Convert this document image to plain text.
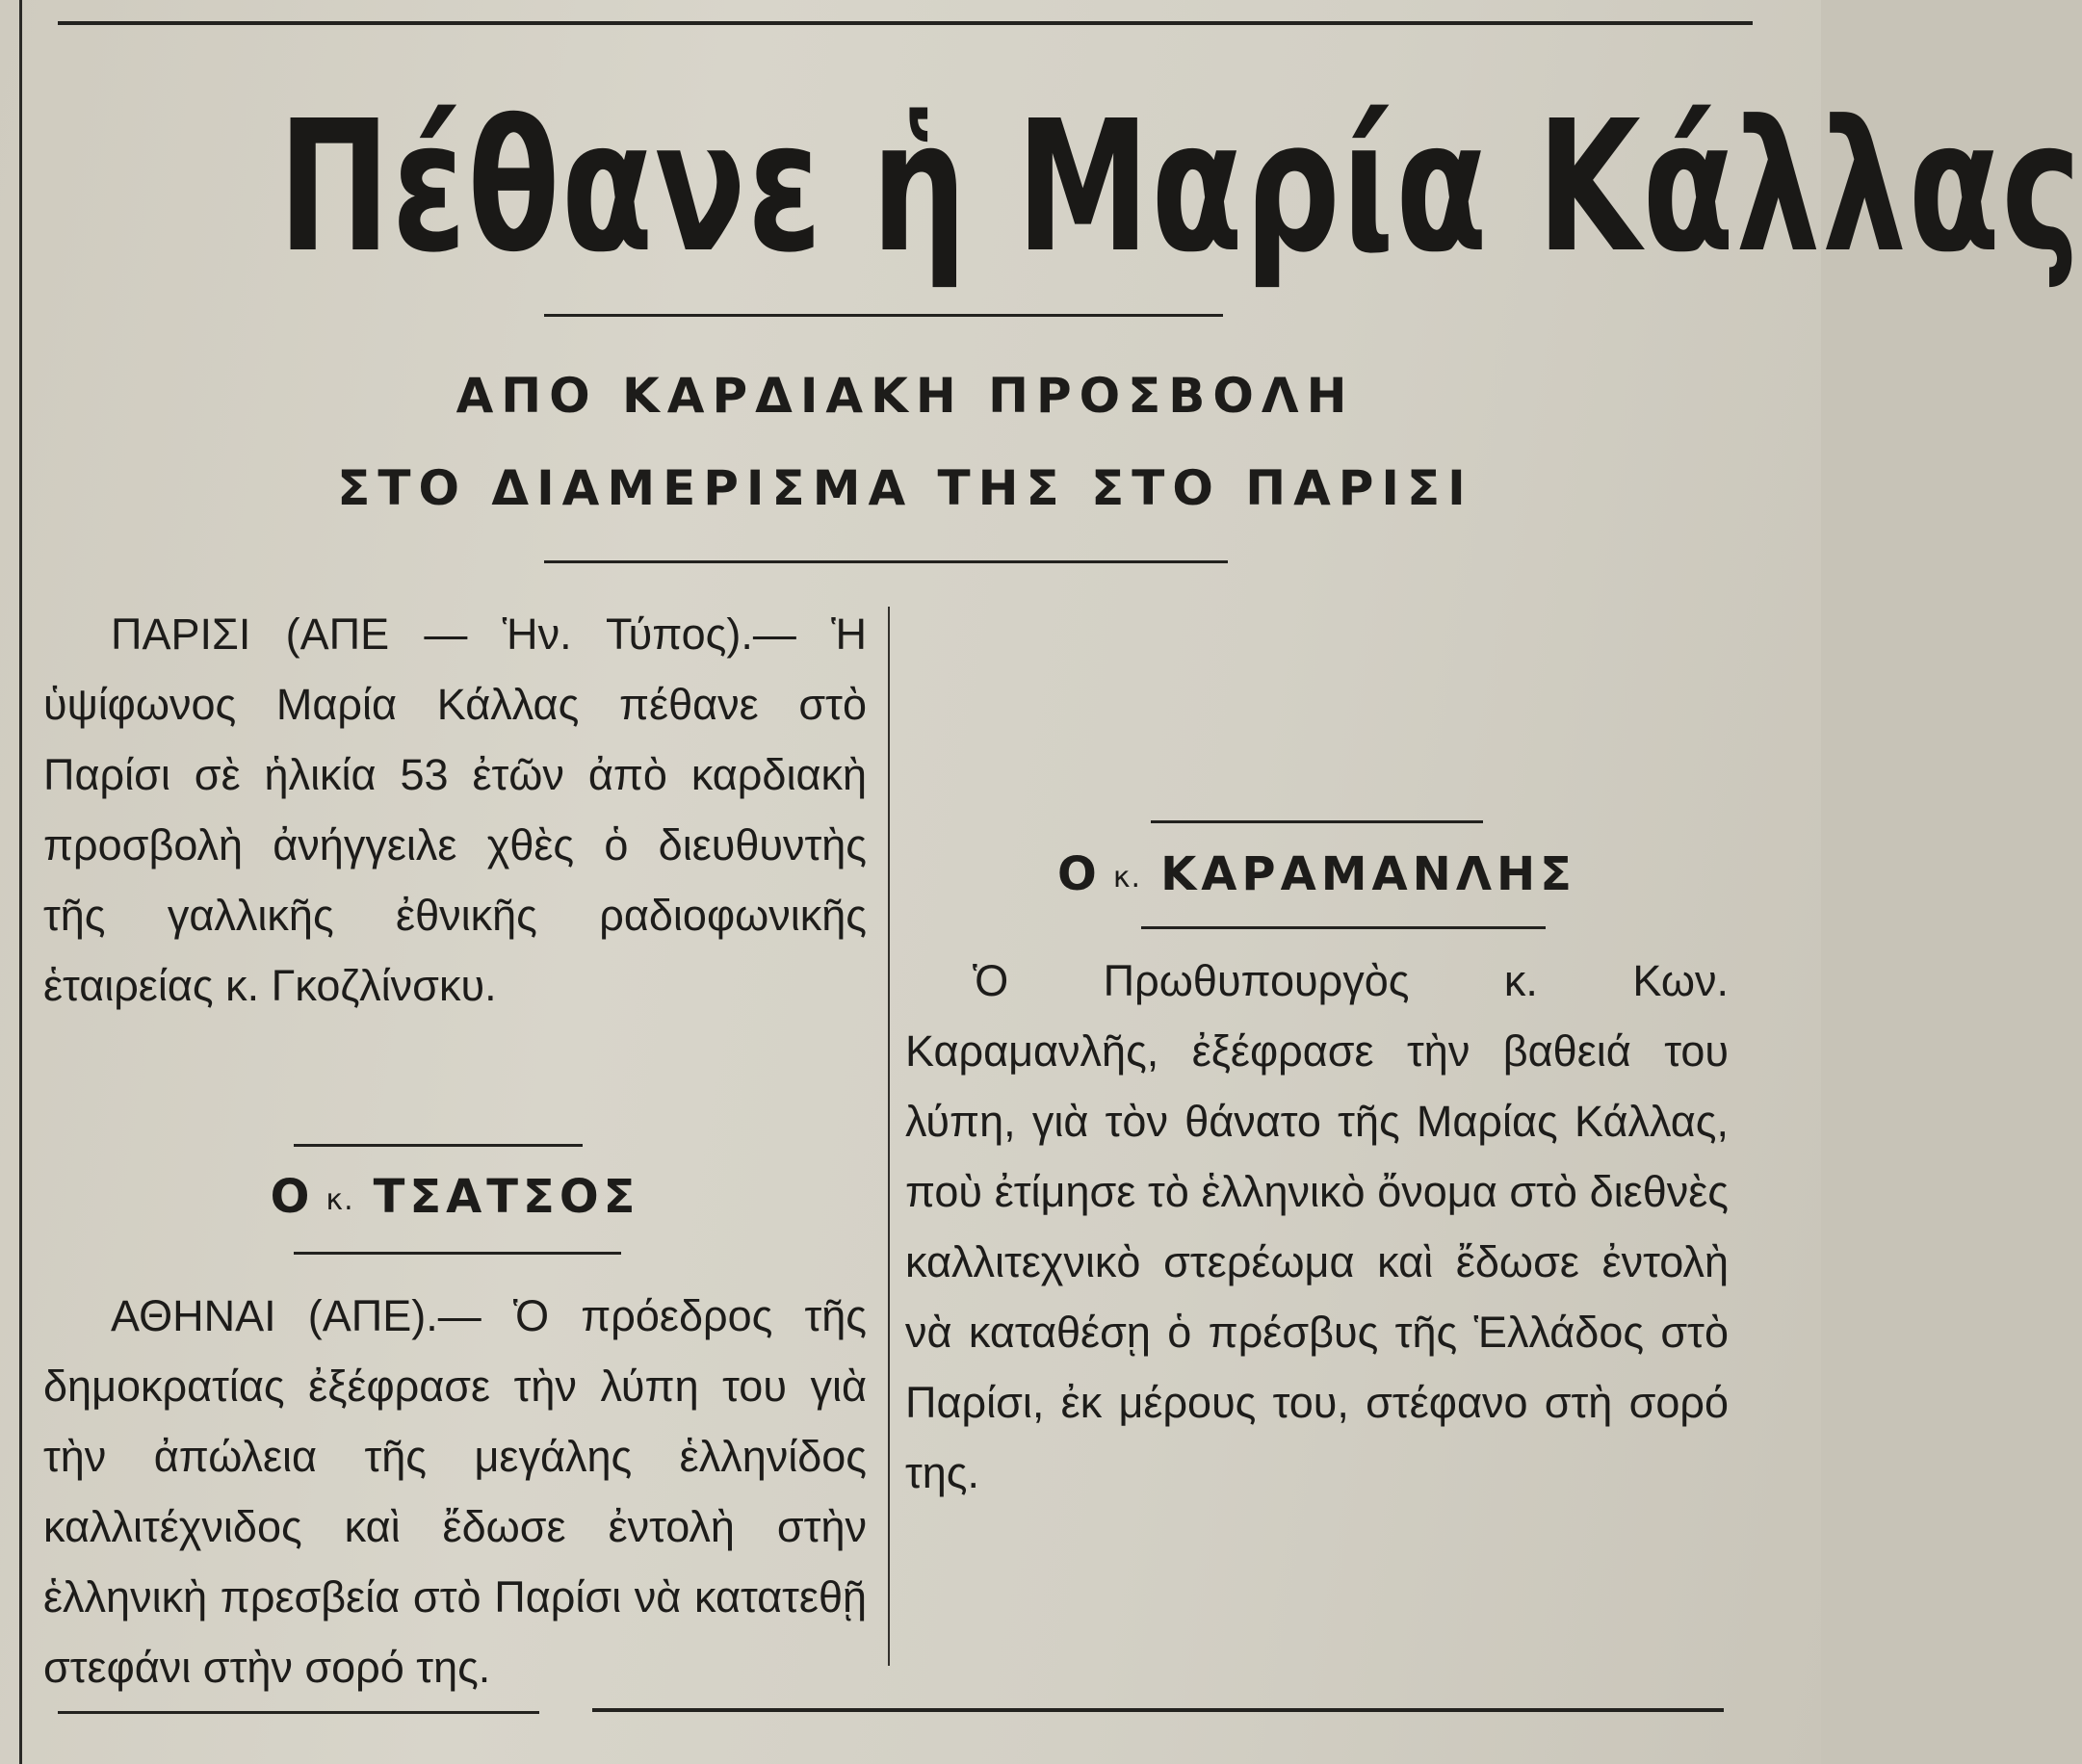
Πέθανε ἡ Μαρία Κάλλας
ΑΠΟ ΚΑΡΔΙΑΚΗ ΠΡΟΣΒΟΛΗ
ΣΤΟ ΔΙΑΜΕΡΙΣΜΑ ΤΗΣ ΣΤΟ ΠΑΡΙΣΙ

ΠΑΡΙΣΙ (ΑΠΕ — Ἡν. Τύπος).— Ἡ ὑψίφωνος Μαρία Κάλλας πέθανε στὸ Παρίσι σὲ ἡλικία 53 ἐτῶν ἀπὸ καρδιακὴ προσβολὴ ἀνήγγειλε χθὲς ὁ διευθυντὴς τῆς γαλλικῆς ἐθνικῆς ραδιοφωνικῆς ἑταιρείας κ. Γκοζλίνσκυ.

Οκ. ΤΣΑΤΣΟΣ

ΑΘΗΝΑΙ (ΑΠΕ).— Ὁ πρόεδρος τῆς δημοκρατίας ἐξέφρασε τὴν λύπη του γιὰ τὴν ἀπώλεια τῆς μεγάλης ἑλληνίδος καλλιτέχνιδος καὶ ἔδωσε ἐντολὴ στὴν ἑλληνικὴ πρεσβεία στὸ Παρίσι νὰ κατατεθῇ στεφάνι στὴν σορό της.

Οκ. ΚΑΡΑΜΑΝΛΗΣ

Ὁ Πρωθυπουργὸς κ. Κων. Καραμανλῆς, ἐξέφρασε τὴν βαθειά του λύπη, γιὰ τὸν θάνατο τῆς Μαρίας Κάλλας, ποὺ ἐτίμησε τὸ ἑλληνικὸ ὄνομα στὸ διεθνὲς καλλιτεχνικὸ στερέωμα καὶ ἔδωσε ἐντολὴ νὰ καταθέσῃ ὁ πρέσβυς τῆς Ἑλλάδος στὸ Παρίσι, ἐκ μέρους του, στέφανο στὴ σορό της.
